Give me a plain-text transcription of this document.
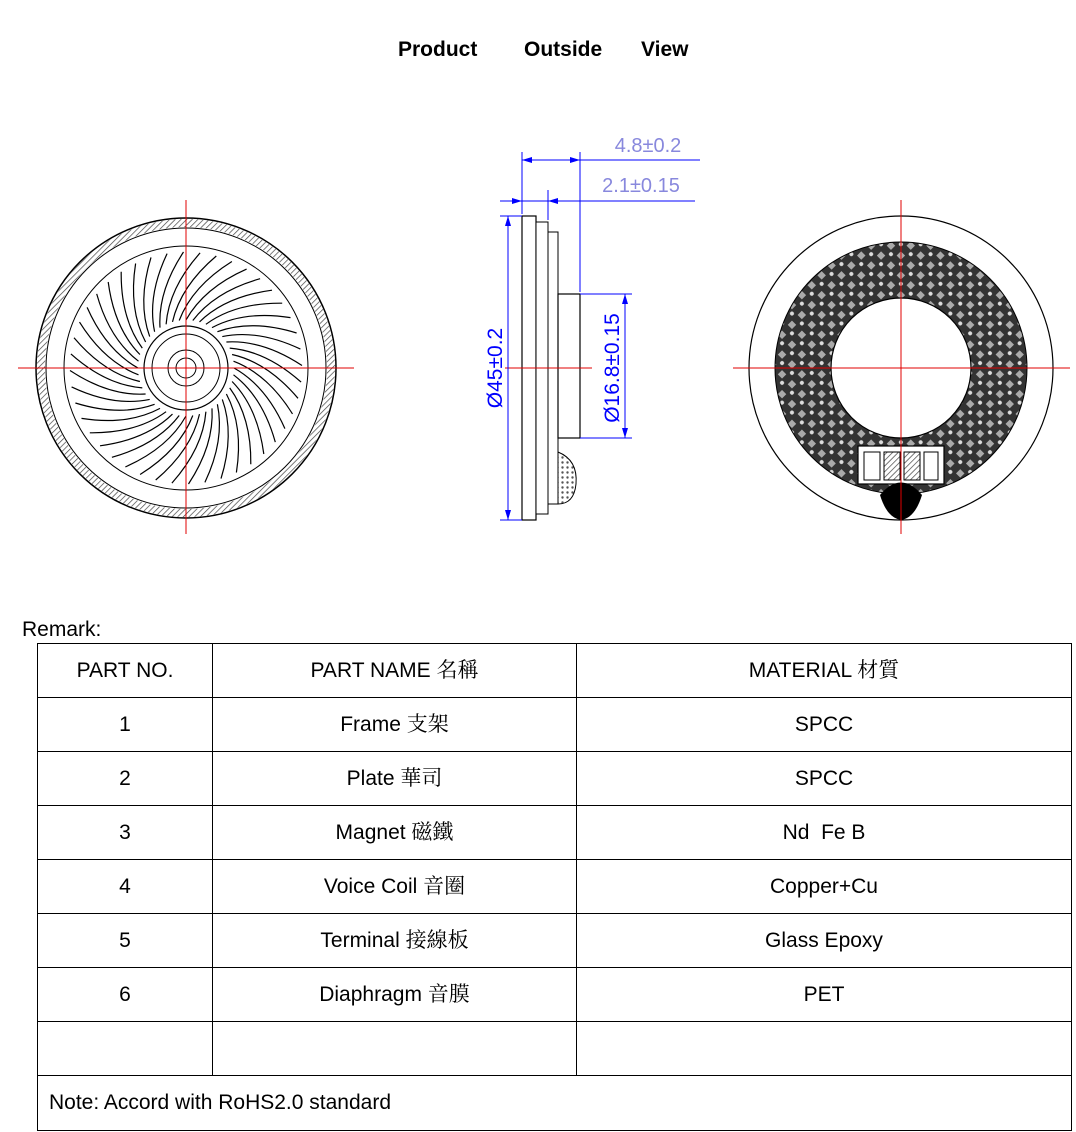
Product Outside View
4.8±0.2
2.1±0.15
Ø45±0.2	Ø16.8±0.15
Remark:
PART NO.	PART NAME 名稱	MATERIAL 材質
1	Frame 支架	SPCC
2	Plate 華司	SPCC
3	Magnet 磁鐵	Nd  Fe B
4	Voice Coil 音圈	Copper+Cu
5	Terminal 接線板	Glass Epoxy
6	Diaphragm 音膜	PET

Note: Accord with RoHS2.0 standard		
